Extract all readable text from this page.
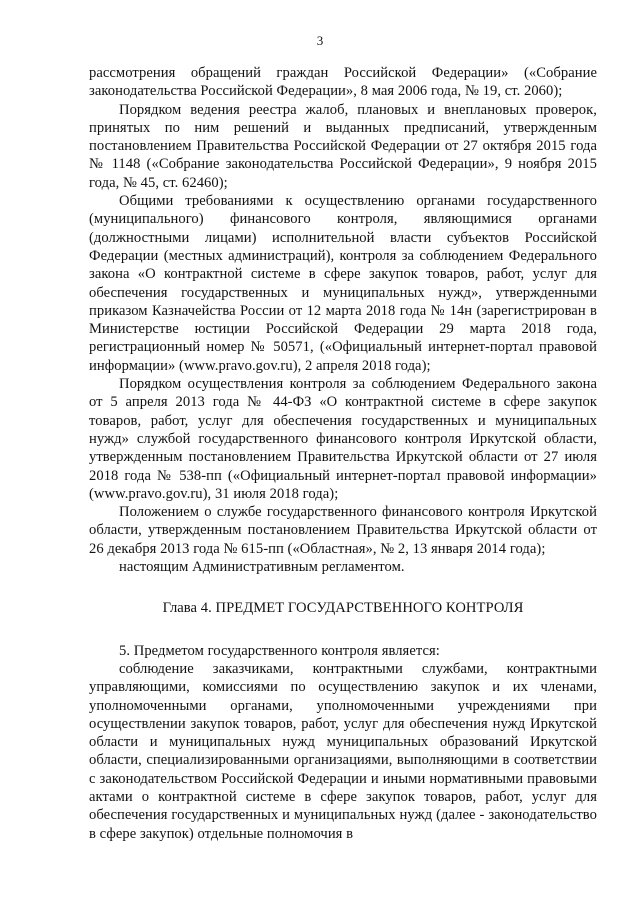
3

рассмотрения обращений граждан Российской Федерации» («Собрание законодательства Российской Федерации», 8 мая 2006 года, № 19, ст. 2060);

Порядком ведения реестра жалоб, плановых и внеплановых проверок, принятых по ним решений и выданных предписаний, утвержденным постановлением Правительства Российской Федерации от 27 октября 2015 года № 1148 («Собрание законодательства Российской Федерации», 9 ноября 2015 года, № 45, ст. 62460);

Общими требованиями к осуществлению органами государственного (муниципального) финансового контроля, являющимися органами (должностными лицами) исполнительной власти субъектов Российской Федерации (местных администраций), контроля за соблюдением Федерального закона «О контрактной системе в сфере закупок товаров, работ, услуг для обеспечения государственных и муниципальных нужд», утвержденными приказом Казначейства России от 12 марта 2018 года № 14н (зарегистрирован в Министерстве юстиции Российской Федерации 29 марта 2018 года, регистрационный номер № 50571, («Официальный интернет-портал правовой информации» (www.pravo.gov.ru), 2 апреля 2018 года);

Порядком осуществления контроля за соблюдением Федерального закона от 5 апреля 2013 года № 44-ФЗ «О контрактной системе в сфере закупок товаров, работ, услуг для обеспечения государственных и муниципальных нужд» службой государственного финансового контроля Иркутской области, утвержденным постановлением Правительства Иркутской области от 27 июля 2018 года № 538-пп («Официальный интернет-портал правовой информации» (www.pravo.gov.ru), 31 июля 2018 года);

Положением о службе государственного финансового контроля Иркутской области, утвержденным постановлением Правительства Иркутской области от 26 декабря 2013 года № 615-пп («Областная», № 2, 13 января 2014 года);

настоящим Административным регламентом.

Глава 4. ПРЕДМЕТ ГОСУДАРСТВЕННОГО КОНТРОЛЯ

5. Предметом государственного контроля является:

соблюдение заказчиками, контрактными службами, контрактными управляющими, комиссиями по осуществлению закупок и их членами, уполномоченными органами, уполномоченными учреждениями при осуществлении закупок товаров, работ, услуг для обеспечения нужд Иркутской области и муниципальных нужд муниципальных образований Иркутской области, специализированными организациями, выполняющими в соответствии с законодательством Российской Федерации и иными нормативными правовыми актами о контрактной системе в сфере закупок товаров, работ, услуг для обеспечения государственных и муниципальных нужд (далее - законодательство в сфере закупок) отдельные полномочия в
